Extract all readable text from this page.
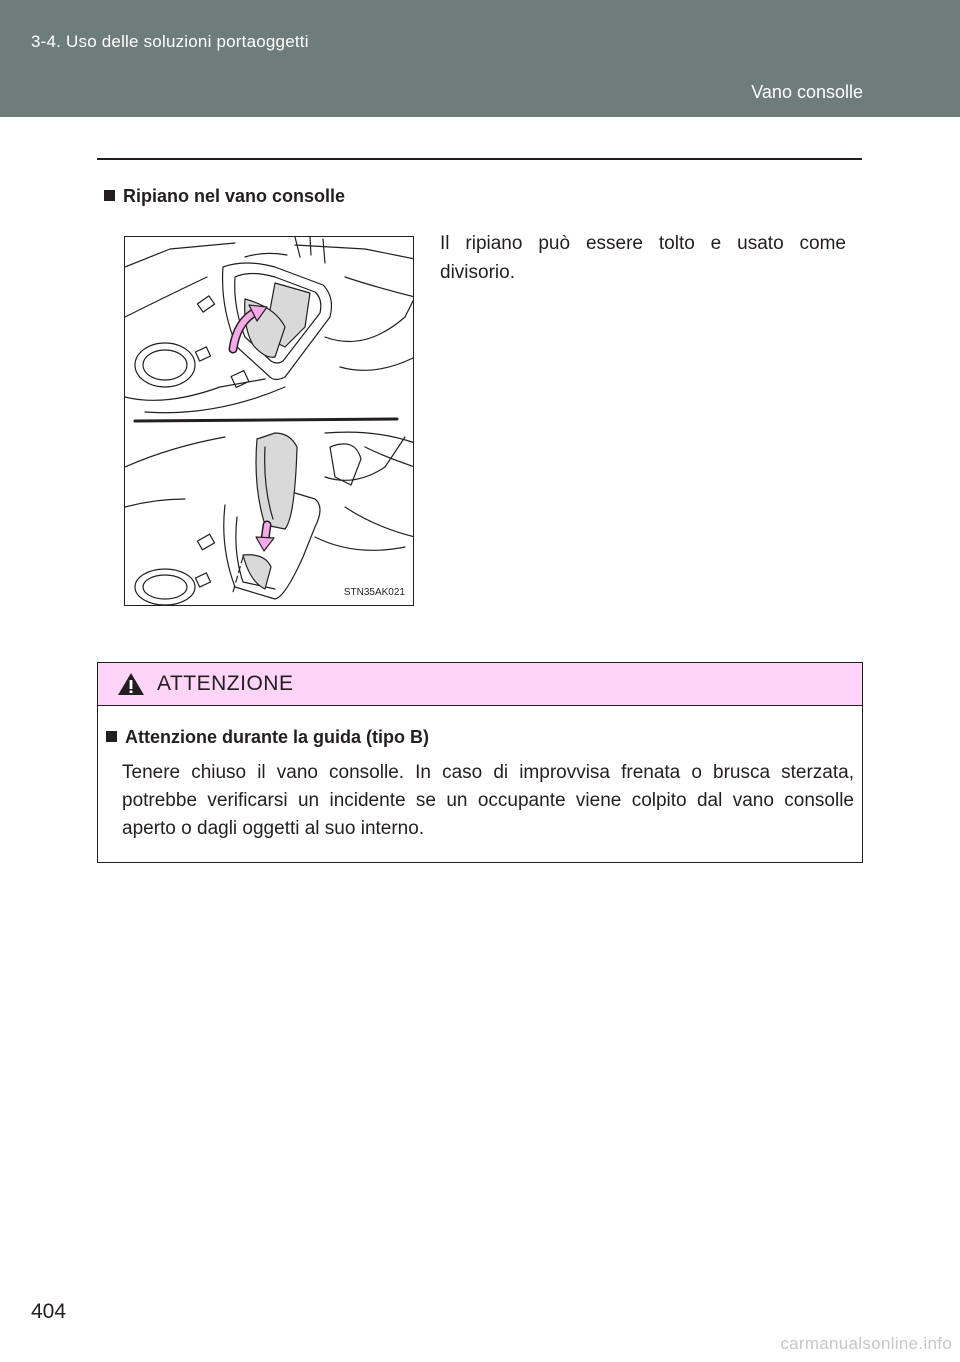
3-4. Uso delle soluzioni portaoggetti
Vano consolle
Ripiano nel vano consolle
STN35AK021
Il ripiano può essere tolto e usato come divisorio.
ATTENZIONE
Attenzione durante la guida (tipo B)
Tenere chiuso il vano consolle. In caso di improvvisa frenata o brusca sterzata, potrebbe verificarsi un incidente se un occupante viene colpito dal vano consolle aperto o dagli oggetti al suo interno.
404
carmanualsonline.info
